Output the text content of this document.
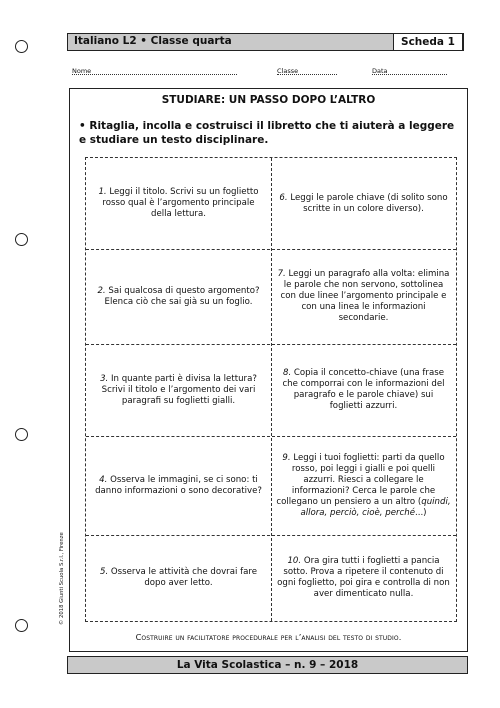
Italiano L2 • Classe quarta	Scheda 1
Nome	Classe	Data
STUDIARE: UN PASSO DOPO L’ALTRO
• Ritaglia, incolla e costruisci il libretto che ti aiuterà a leggere e studiare un testo disciplinare.
1. Leggi il titolo. Scrivi su un foglietto rosso qual è l’argomento principale della lettura.
2. Sai qualcosa di questo argomento? Elenca ciò che sai già su un foglio.
3. In quante parti è divisa la lettura? Scrivi il titolo e l’argomento dei vari paragrafi su foglietti gialli.
4. Osserva le immagini, se ci sono: ti danno informazioni o sono decorative?
5. Osserva le attività che dovrai fare dopo aver letto.
6. Leggi le parole chiave (di solito sono scritte in un colore diverso).
7. Leggi un paragrafo alla volta: elimina le parole che non servono, sottolinea con due linee l’argomento principale e con una linea le informazioni secondarie.
8. Copia il concetto-chiave (una frase che comporrai con le informazioni del paragrafo e le parole chiave) sui foglietti azzurri.
9. Leggi i tuoi foglietti: parti da quello rosso, poi leggi i gialli e poi quelli azzurri. Riesci a collegare le informazioni? Cerca le parole che collegano un pensiero a un altro (quindi, allora, perciò, cioè, perché...)
10. Ora gira tutti i foglietti a pancia sotto. Prova a ripetere il contenuto di ogni foglietto, poi gira e controlla di non aver dimenticato nulla.
Costruire un facilitatore procedurale per l’analisi del testo di studio.
© 2018 Giunti Scuola S.r.l., Firenze
La Vita Scolastica – n. 9 – 2018
